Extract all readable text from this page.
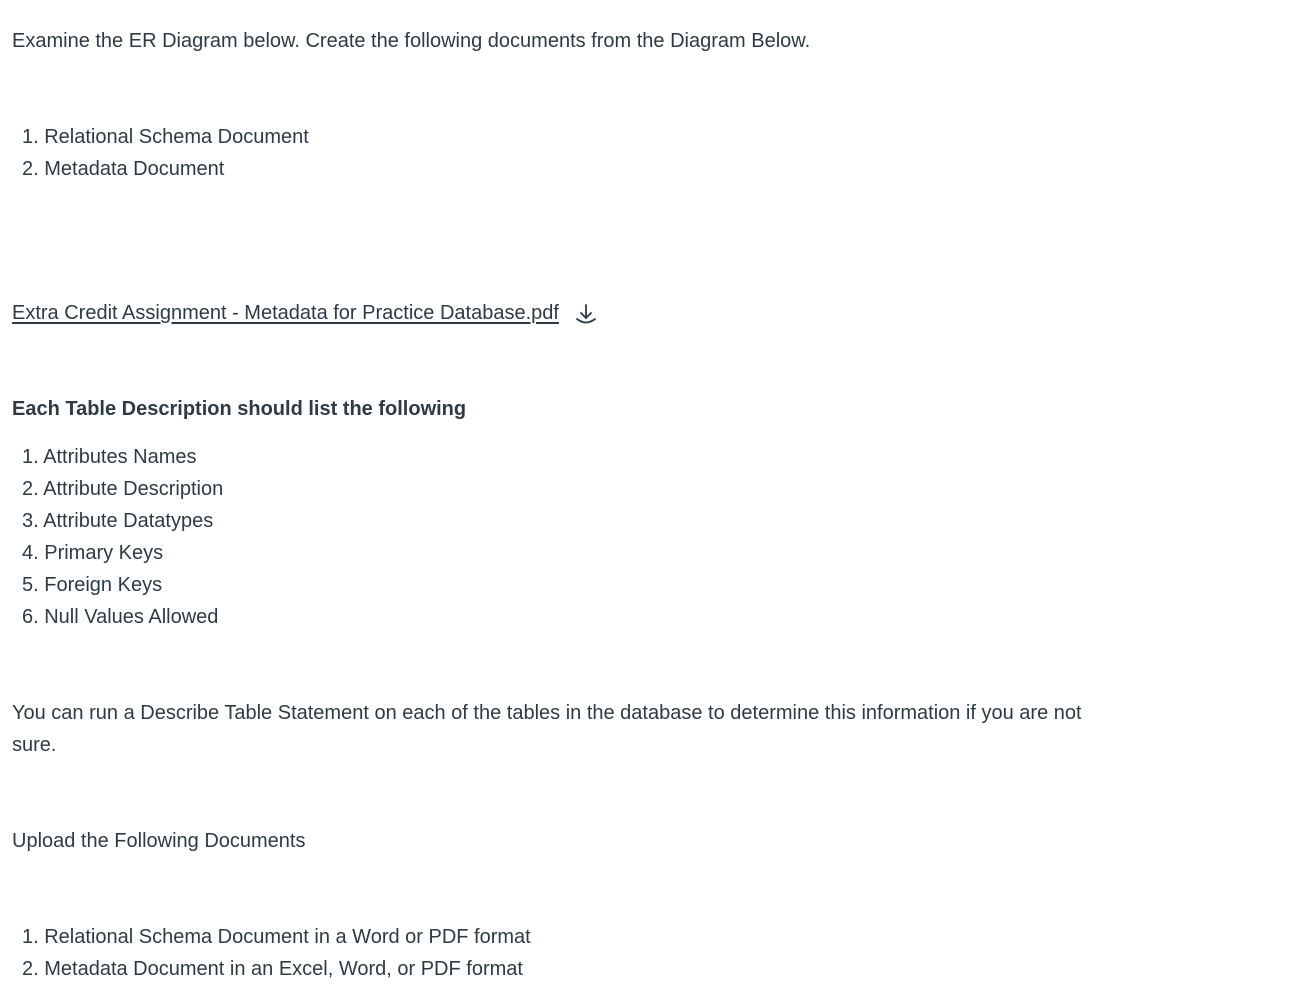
Examine the ER Diagram below. Create the following documents from the Diagram Below.
1. Relational Schema Document
2. Metadata Document
Extra Credit Assignment - Metadata for Practice Database.pdf
Each Table Description should list the following
1. Attributes Names
2. Attribute Description
3. Attribute Datatypes
4. Primary Keys
5. Foreign Keys
6. Null Values Allowed
You can run a Describe Table Statement on each of the tables in the database to determine this information if you are not sure.
Upload the Following Documents
1. Relational Schema Document in a Word or PDF format
2. Metadata Document in an Excel, Word, or PDF format
